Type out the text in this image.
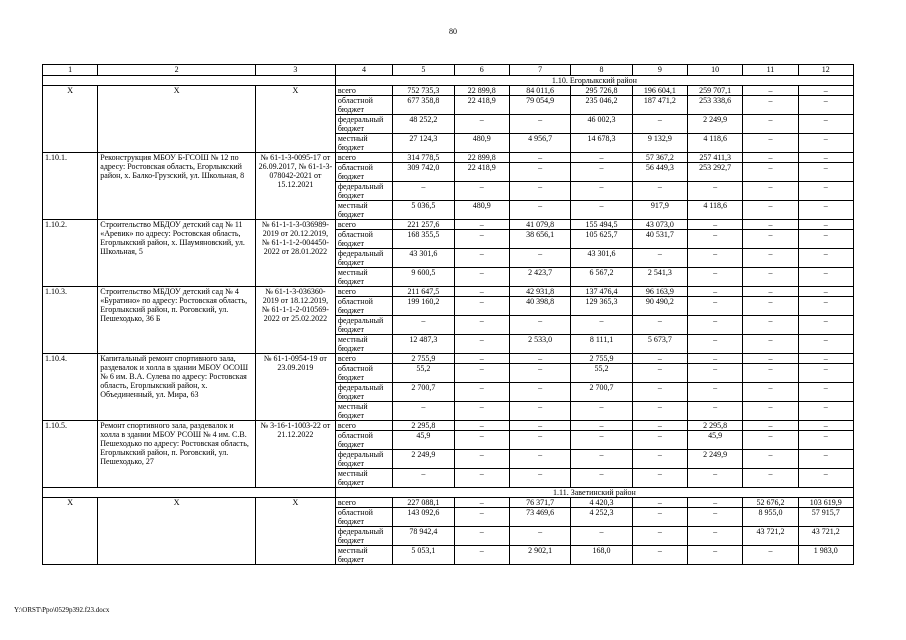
80
1	2	3	4	5	6	7	8	9	10	11	12
			1.10. Егорлыкский район								
Х	Х	Х	всего	752 735,3	22 899,8	84 011,6	295 726,8	196 604,1	259 707,1	–	–
			областной бюджет	677 358,8	22 418,9	79 054,9	235 046,2	187 471,2	253 338,6	–	–
			федеральный бюджет	48 252,2	–	–	46 002,3	–	2 249,9	–	–
			местный бюджет	27 124,3	480,9	4 956,7	14 678,3	9 132,9	4 118,6	–	–
1.10.1.	Реконструкция МБОУ Б-ГСОШ № 12 по адресу: Ростовская область, Егорлыкский район, х. Балко-Грузский, ул. Школьная, 8	№ 61-1-3-0095-17 от 26.09.2017, № 61-1-3-078042-2021 от 15.12.2021	всего	314 778,5	22 899,8	–	–	57 367,2	257 411,3	–	–
			областной бюджет	309 742,0	22 418,9	–	–	56 449,3	253 292,7	–	–
			федеральный бюджет	–	–	–	–	–	–	–	–
			местный бюджет	5 036,5	480,9	–	–	917,9	4 118,6	–	–
1.10.2.	Строительство МБДОУ детский сад № 11 «Аревик» по адресу: Ростовская область, Егорлыкский район, х. Шаумяновский, ул. Школьная, 5	№ 61-1-1-3-036989-2019 от 20.12.2019, № 61-1-1-2-004450-2022 от 28.01.2022	всего	221 257,6	–	41 079,8	155 494,5	43 073,0	–	–	–
			областной бюджет	168 355,5	–	38 656,1	105 625,7	40 531,7	–	–	–
			федеральный бюджет	43 301,6	–	–	43 301,6	–	–	–	–
			местный бюджет	9 600,5	–	2 423,7	6 567,2	2 541,3	–	–	–
1.10.3.	Строительство МБДОУ детский сад № 4 «Буратино» по адресу: Ростовская область, Егорлыкский район, п. Роговский, ул. Пешеходько, 36 Б	№ 61-1-3-036360-2019 от 18.12.2019, № 61-1-1-2-010569-2022 от 25.02.2022	всего	211 647,5	–	42 931,8	137 476,4	96 163,9	–	–	–
			областной бюджет	199 160,2	–	40 398,8	129 365,3	90 490,2	–	–	–
			федеральный бюджет	–	–	–	–	–	–	–	–
			местный бюджет	12 487,3	–	2 533,0	8 111,1	5 673,7	–	–	–
1.10.4.	Капитальный ремонт спортивного зала, раздевалок и холла в здании МБОУ ОСОШ № 6 им. В.А. Сулева по адресу: Ростовская область, Егорлыкский район, х. Объединенный, ул. Мира, 63	№ 61-1-0954-19 от 23.09.2019	всего	2 755,9	–	–	2 755,9	–	–	–	–
			областной бюджет	55,2	–	–	55,2	–	–	–	–
			федеральный бюджет	2 700,7	–	–	2 700,7	–	–	–	–
			местный бюджет	–	–	–	–	–	–	–	–
1.10.5.	Ремонт спортивного зала, раздевалок и холла в здании МБОУ РСОШ № 4 им. С.В. Пешеходько по адресу: Ростовская область, Егорлыкский район, п. Роговский, ул. Пешеходько, 27	№ 3-16-1-1003-22 от 21.12.2022	всего	2 295,8	–	–	–	–	2 295,8	–	–
			областной бюджет	45,9	–	–	–	–	45,9	–	–
			федеральный бюджет	2 249,9	–	–	–	–	2 249,9	–	–
			местный бюджет	–	–	–	–	–	–	–	–
			1.11. Заветинский район								
Х	Х	Х	всего	227 088,1	–	76 371,7	4 420,3	–	–	52 676,2	103 619,9
			областной бюджет	143 092,6	–	73 469,6	4 252,3	–	–	8 955,0	57 915,7
			федеральный бюджет	78 942,4	–	–	–	–	–	43 721,2	43 721,2
			местный бюджет	5 053,1	–	2 902,1	168,0	–	–	–	1 983,0
Y:\ORST\Ppo\0529p392.f23.docx
